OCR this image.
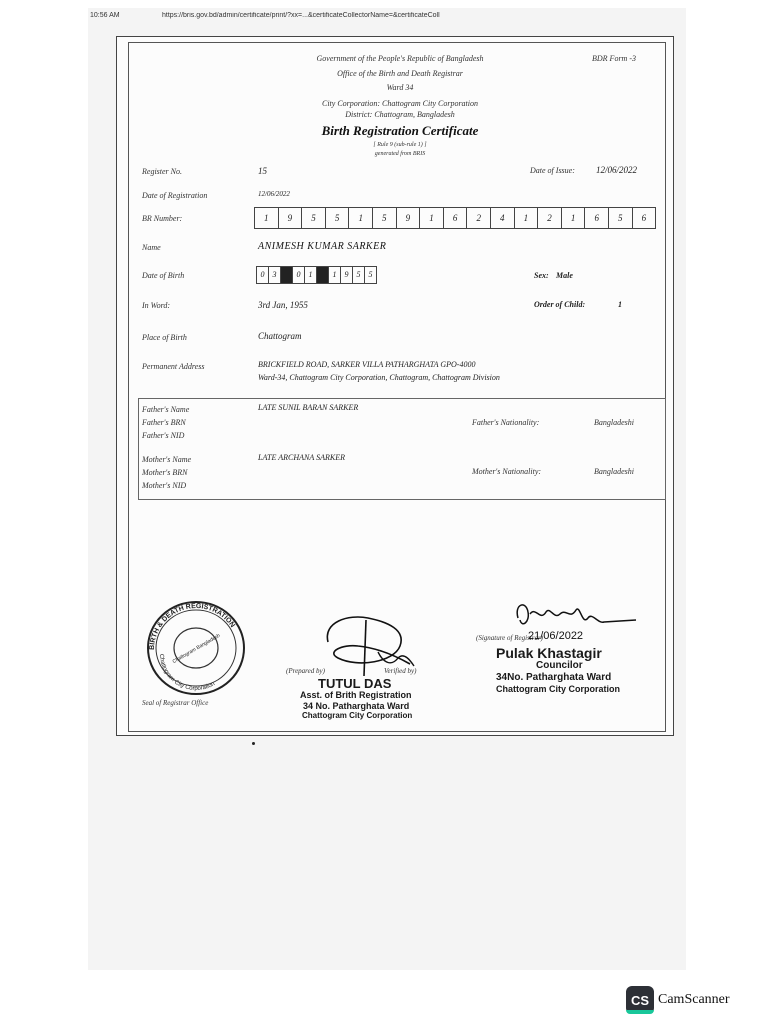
10:56 AM	https://bris.gov.bd/admin/certificate/print/?xx=...&certificateCollectorName=&certificateColl
Government of the People's Republic of Bangladesh	BDR Form -3
Office of the Birth and Death Registrar
Ward 34
City Corporation: Chattogram City Corporation
District: Chattogram, Bangladesh
Birth Registration Certificate
[ Rule 9 (sub-rule 1) ]
generated from BRIS
Register No.	15	Date of Issue: 12/06/2022
Date of Registration	12/06/2022
BR Number:	1	9	5	5	1	5	9	1	6	2	4	1	2	1	6	5	6
Name	ANIMESH KUMAR SARKER
Date of Birth	0	3	0	1	1	9	5	5	Sex: Male
In Word:	3rd Jan, 1955	Order of Child:	1
Place of Birth	Chattogram
Permanent Address	BRICKFIELD ROAD, SARKER VILLA PATHARGHATA GPO-4000
Ward-34, Chattogram City Corporation, Chattogram, Chattogram Division
Father's Name	LATE SUNIL BARAN SARKER
Father's BRN	Father's Nationality:	Bangladeshi
Father's NID
Mother's Name	LATE ARCHANA SARKER
Mother's BRN	Mother's Nationality:	Bangladeshi
Mother's NID
BIRTH & DEATH REGISTRATION
Chattogram City Corporation
Chattogram Bangladesh
Seal of Registrar Office
(Prepared by)	Verified by)
TUTUL DAS
Asst. of Brith Registration
34 No. Patharghata Ward
Chattogram City Corporation
(Signature of Registrar)
21/06/2022
Pulak Khastagir
Councilor
34No. Patharghata Ward
Chattogram City Corporation
CS CamScanner
